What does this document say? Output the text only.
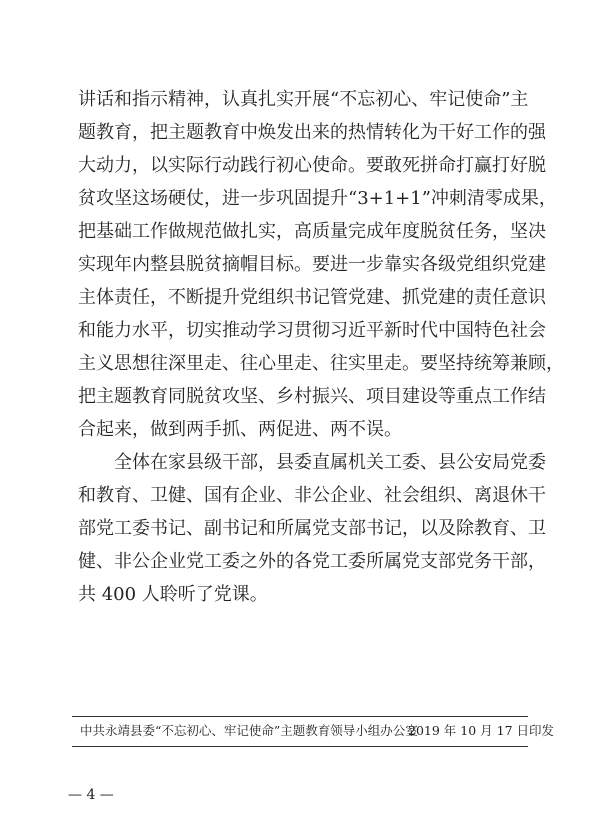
讲话和指示精神，认真扎实开展“不忘初心、牢记使命”主
题教育，把主题教育中焕发出来的热情转化为干好工作的强
大动力，以实际行动践行初心使命。要敢死拼命打赢打好脱
贫攻坚这场硬仗，进一步巩固提升“3+1+1”冲刺清零成果，
把基础工作做规范做扎实，高质量完成年度脱贫任务，坚决
实现年内整县脱贫摘帽目标。要进一步靠实各级党组织党建
主体责任，不断提升党组织书记管党建、抓党建的责任意识
和能力水平，切实推动学习贯彻习近平新时代中国特色社会
主义思想往深里走、往心里走、往实里走。要坚持统筹兼顾，
把主题教育同脱贫攻坚、乡村振兴、项目建设等重点工作结
合起来，做到两手抓、两促进、两不误。
全体在家县级干部，县委直属机关工委、县公安局党委
和教育、卫健、国有企业、非公企业、社会组织、离退休干
部党工委书记、副书记和所属党支部书记，以及除教育、卫
健、非公企业党工委之外的各党工委所属党支部党务干部，
共 400 人聆听了党课。
中共永靖县委“不忘初心、牢记使命”主题教育领导小组办公室
2019 年 10 月 17 日印发
— 4 —
